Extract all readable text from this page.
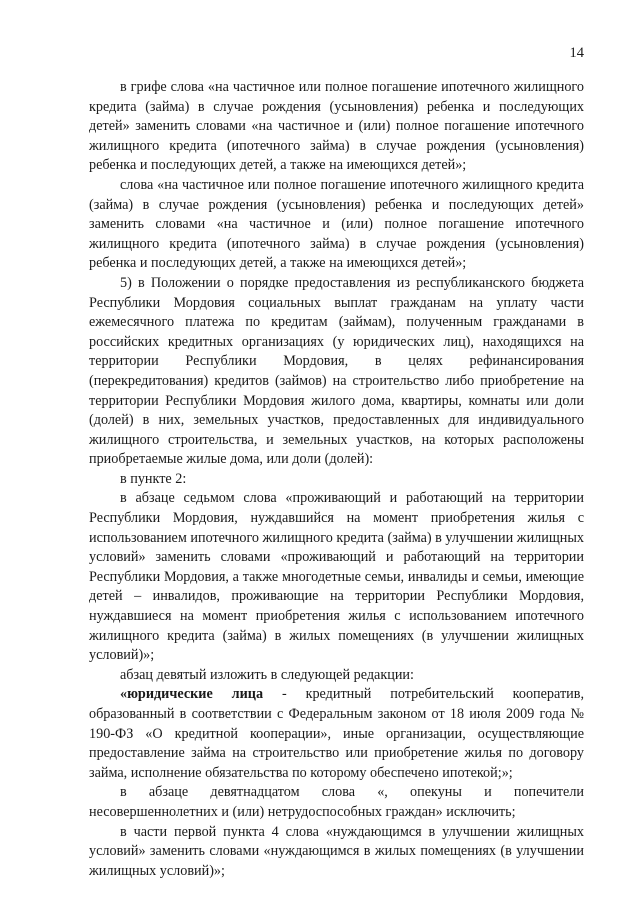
14

в грифе слова «на частичное или полное погашение ипотечного жилищного кредита (займа) в случае рождения (усыновления) ребенка и последующих детей» заменить словами «на частичное и (или) полное погашение ипотечного жилищного кредита (ипотечного займа) в случае рождения (усыновления) ребенка и последующих детей, а также на имеющихся детей»;

слова «на частичное или полное погашение ипотечного жилищного кредита (займа) в случае рождения (усыновления) ребенка и последующих детей» заменить словами «на частичное и (или) полное погашение ипотечного жилищного кредита (ипотечного займа) в случае рождения (усыновления) ребенка и последующих детей, а также на имеющихся детей»;

5) в Положении о порядке предоставления из республиканского бюджета Республики Мордовия социальных выплат гражданам на уплату части ежемесячного платежа по кредитам (займам), полученным гражданами в российских кредитных организациях (у юридических лиц), находящихся на территории Республики Мордовия, в целях рефинансирования (перекредитования) кредитов (займов) на строительство либо приобретение на территории Республики Мордовия жилого дома, квартиры, комнаты или доли (долей) в них, земельных участков, предоставленных для индивидуального жилищного строительства, и земельных участков, на которых расположены приобретаемые жилые дома, или доли (долей):

в пункте 2:

в абзаце седьмом слова «проживающий и работающий на территории Республики Мордовия, нуждавшийся на момент приобретения жилья с использованием ипотечного жилищного кредита (займа) в улучшении жилищных условий» заменить словами «проживающий и работающий на территории Республики Мордовия, а также многодетные семьи, инвалиды и семьи, имеющие детей – инвалидов, проживающие на территории Республики Мордовия, нуждавшиеся на момент приобретения жилья с использованием ипотечного жилищного кредита (займа) в жилых помещениях (в улучшении жилищных условий)»;

абзац девятый изложить в следующей редакции:

«юридические лица - кредитный потребительский кооператив, образованный в соответствии с Федеральным законом от 18 июля 2009 года № 190-ФЗ «О кредитной кооперации», иные организации, осуществляющие предоставление займа на строительство или приобретение жилья по договору займа, исполнение обязательства по которому обеспечено ипотекой;»;

в абзаце девятнадцатом слова «, опекуны и попечители несовершеннолетних и (или) нетрудоспособных граждан» исключить;

в части первой пункта 4 слова «нуждающимся в улучшении жилищных условий» заменить словами «нуждающимся в жилых помещениях (в улучшении жилищных условий)»;
